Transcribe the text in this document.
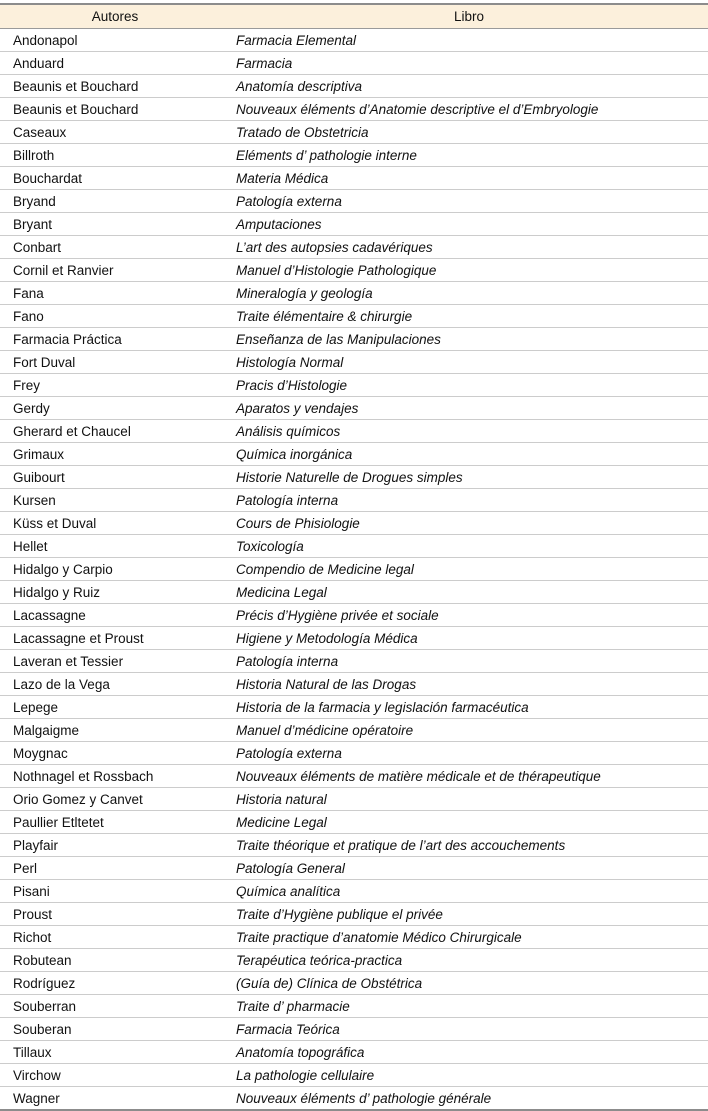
Autores	Libro
Andonapol	Farmacia Elemental
Anduard	Farmacia
Beaunis et Bouchard	Anatomía descriptiva
Beaunis et Bouchard	Nouveaux éléments d’Anatomie descriptive el d’Embryologie
Caseaux	Tratado de Obstetricia
Billroth	Eléments d’ pathologie interne
Bouchardat	Materia Médica
Bryand	Patología externa
Bryant	Amputaciones
Conbart	L’art des autopsies cadavériques
Cornil et Ranvier	Manuel d’Histologie Pathologique
Fana	Mineralogía y geología
Fano	Traite élémentaire & chirurgie
Farmacia Práctica	Enseñanza de las Manipulaciones
Fort Duval	Histología Normal
Frey	Pracis d’Histologie
Gerdy	Aparatos y vendajes
Gherard et Chaucel	Análisis químicos
Grimaux	Química inorgánica
Guibourt	Historie Naturelle de Drogues simples
Kursen	Patología interna
Küss et Duval	Cours de Phisiologie
Hellet	Toxicología
Hidalgo y Carpio	Compendio de Medicine legal
Hidalgo y Ruiz	Medicina Legal
Lacassagne	Précis d’Hygiène privée et sociale
Lacassagne et Proust	Higiene y Metodología Médica
Laveran et Tessier	Patología interna
Lazo de la Vega	Historia Natural de las Drogas
Lepege	Historia de la farmacia y legislación farmacéutica
Malgaigme	Manuel d’médicine opératoire
Moygnac	Patología externa
Nothnagel et Rossbach	Nouveaux éléments de matière médicale et de thérapeutique
Orio Gomez y Canvet	Historia natural
Paullier Etltetet	Medicine Legal
Playfair	Traite théorique et pratique de l’art des accouchements
Perl	Patología General
Pisani	Química analítica
Proust	Traite d’Hygiène publique el privée
Richot	Traite practique d’anatomie Médico Chirurgicale
Robutean	Terapéutica teórica-practica
Rodríguez	(Guía de) Clínica de Obstétrica
Souberran	Traite d’ pharmacie
Souberan	Farmacia Teórica
Tillaux	Anatomía topográfica
Virchow	La pathologie cellulaire
Wagner	Nouveaux éléments d’ pathologie générale
